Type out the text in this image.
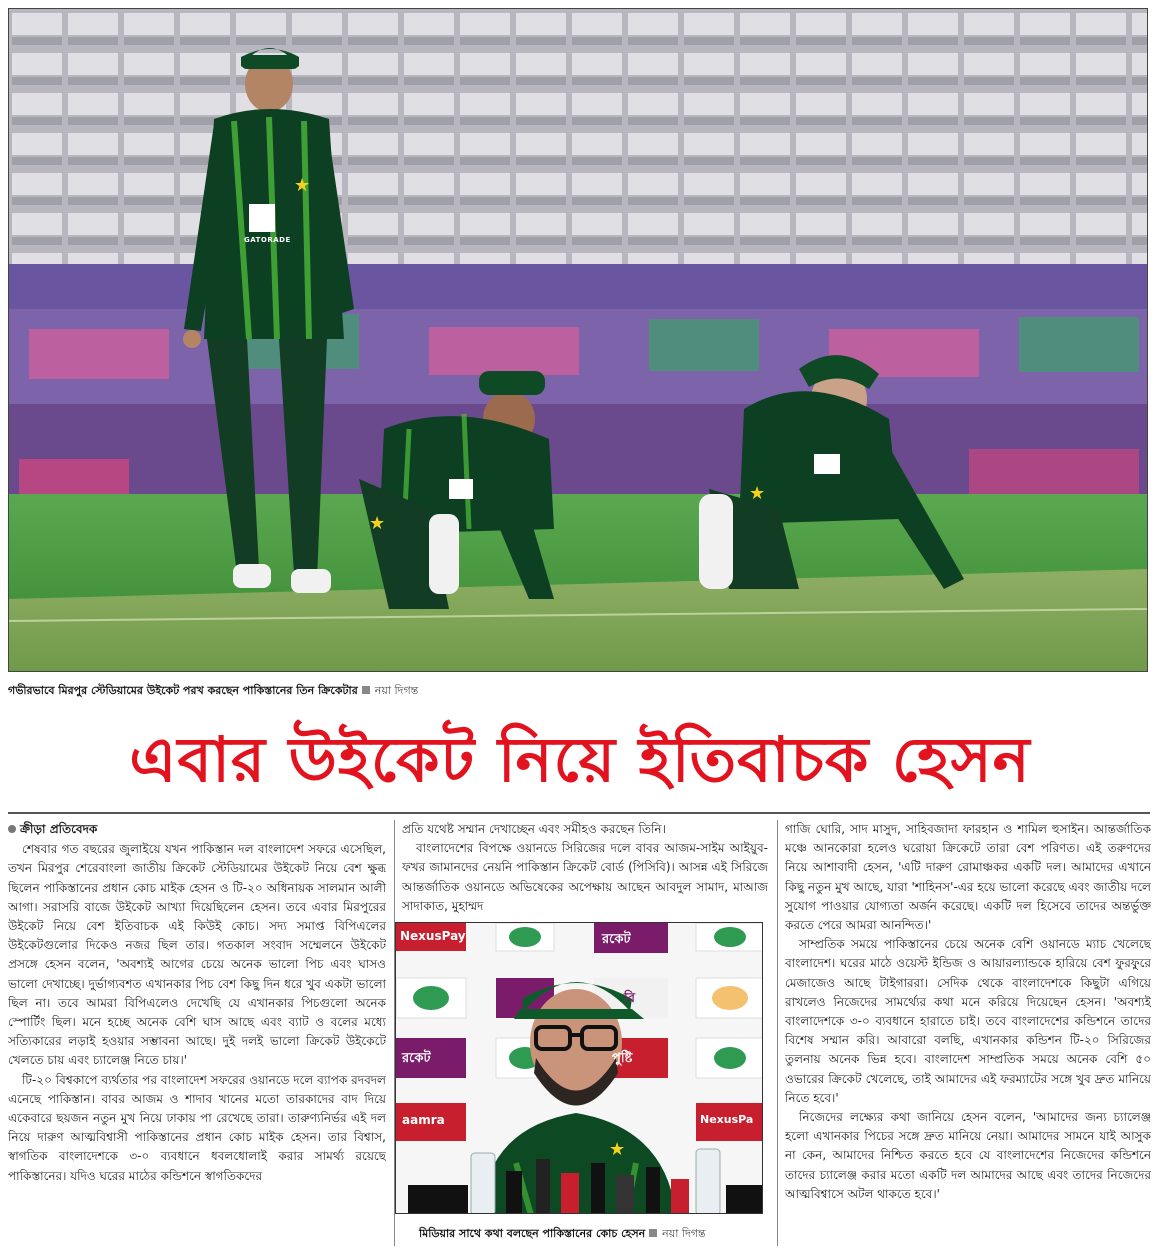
★
★
★
গভীরভাবে মিরপুর স্টেডিয়ামের উইকেট পরখ করছেন পাকিস্তানের তিন ক্রিকেটার নয়া দিগন্ত
GATORADE
এবার উইকেট নিয়ে ইতিবাচক হেসন
ক্রীড়া প্রতিবেদক

শেষবার গত বছরের জুলাইয়ে যখন পাকিস্তান দল বাংলাদেশ সফরে এসেছিল, তখন মিরপুর শেরেবাংলা জাতীয় ক্রিকেট স্টেডিয়ামের উইকেট নিয়ে বেশ ক্ষুব্ধ ছিলেন পাকিস্তানের প্রধান কোচ মাইক হেসন ও টি-২০ অধিনায়ক সালমান আলী আগা। সরাসরি বাজে উইকেট আখ্যা দিয়েছিলেন হেসন। তবে এবার মিরপুরের উইকেট নিয়ে বেশ ইতিবাচক এই কিউই কোচ। সদ্য সমাপ্ত বিপিএলের উইকেটগুলোর দিকেও নজর ছিল তার। গতকাল সংবাদ সম্মেলনে উইকেট প্রসঙ্গে হেসন বলেন, 'অবশ্যই আগের চেয়ে অনেক ভালো পিচ এবং ঘাসও ভালো দেখাচ্ছে। দুর্ভাগ্যবশত এখানকার পিচ বেশ কিছু দিন ধরে খুব একটা ভালো ছিল না। তবে আমরা বিপিএলেও দেখেছি যে এখানকার পিচগুলো অনেক স্পোর্টিং ছিল। মনে হচ্ছে অনেক বেশি ঘাস আছে এবং ব্যাট ও বলের মধ্যে সত্যিকারের লড়াই হওয়ার সম্ভাবনা আছে। দুই দলই ভালো ক্রিকেট উইকেটে খেলতে চায় এবং চ্যালেঞ্জ নিতে চায়।'

টি-২০ বিশ্বকাপে ব্যর্থতার পর বাংলাদেশ সফরের ওয়ানডে দলে ব্যাপক রদবদল এনেছে পাকিস্তান। বাবর আজম ও শাদাব খানের মতো তারকাদের বাদ দিয়ে একেবারে ছয়জন নতুন মুখ নিয়ে ঢাকায় পা রেখেছে তারা। তারুণ্যনির্ভর এই দল নিয়ে দারুণ আত্মবিশ্বাসী পাকিস্তানের প্রধান কোচ মাইক হেসন। তার বিশ্বাস, স্বাগতিক বাংলাদেশকে ৩-০ ব্যবধানে ধবলধোলাই করার সামর্থ্য রয়েছে পাকিস্তানের। যদিও ঘরের মাঠের কন্ডিশনে স্বাগতিকদের

প্রতি যথেষ্ট সম্মান দেখাচ্ছেন এবং সমীহও করছেন তিনি।

বাংলাদেশের বিপক্ষে ওয়ানডে সিরিজের দলে বাবর আজম-সাইম আইয়ুব-ফখর জামানদের নেয়নি পাকিস্তান ক্রিকেট বোর্ড (পিসিবি)। আসন্ন এই সিরিজে আন্তর্জাতিক ওয়ানডে অভিষেকের অপেক্ষায় আছেন আবদুল সামাদ, মাআজ সাদাকাত, মুহাম্মদ

★
NexusPay	রকেট
রকেট
aamra	NexusPa
পুষ্টি
বি
মিডিয়ার সাথে কথা বলছেন পাকিস্তানের কোচ হেসন নয়া দিগন্ত

গাজি ঘোরি, সাদ মাসুদ, সাহিবজাদা ফারহান ও শামিল হুসাইন। আন্তর্জাতিক মঞ্চে আনকোরা হলেও ঘরোয়া ক্রিকেটে তারা বেশ পরিণত। এই তরুণদের নিয়ে আশাবাদী হেসন, 'এটি দারুণ রোমাঞ্চকর একটি দল। আমাদের এখানে কিছু নতুন মুখ আছে, যারা 'শাহিনস'-এর হয়ে ভালো করেছে এবং জাতীয় দলে সুযোগ পাওয়ার যোগ্যতা অর্জন করেছে। একটি দল হিসেবে তাদের অন্তর্ভুক্ত করতে পেরে আমরা আনন্দিত।'

সাম্প্রতিক সময়ে পাকিস্তানের চেয়ে অনেক বেশি ওয়ানডে ম্যাচ খেলেছে বাংলাদেশ। ঘরের মাঠে ওয়েস্ট ইন্ডিজ ও আয়ারল্যান্ডকে হারিয়ে বেশ ফুরফুরে মেজাজেও আছে টাইগাররা। সেদিক থেকে বাংলাদেশকে কিছুটা এগিয়ে রাখলেও নিজেদের সামর্থ্যের কথা মনে করিয়ে দিয়েছেন হেসন। 'অবশ্যই বাংলাদেশকে ৩-০ ব্যবধানে হারাতে চাই। তবে বাংলাদেশের কন্ডিশনে তাদের বিশেষ সম্মান করি। আবারো বলছি, এখানকার কন্ডিশন টি-২০ সিরিজের তুলনায় অনেক ভিন্ন হবে। বাংলাদেশ সাম্প্রতিক সময়ে অনেক বেশি ৫০ ওভারের ক্রিকেট খেলেছে, তাই আমাদের এই ফরম্যাটের সঙ্গে খুব দ্রুত মানিয়ে নিতে হবে।'

নিজেদের লক্ষ্যের কথা জানিয়ে হেসন বলেন, 'আমাদের জন্য চ্যালেঞ্জ হলো এখানকার পিচের সঙ্গে দ্রুত মানিয়ে নেয়া। আমাদের সামনে যাই আসুক না কেন, আমাদের নিশ্চিত করতে হবে যে বাংলাদেশের নিজেদের কন্ডিশনে তাদের চ্যালেঞ্জ করার মতো একটি দল আমাদের আছে এবং তাদের নিজেদের আত্মবিশ্বাসে অটল থাকতে হবে।'
